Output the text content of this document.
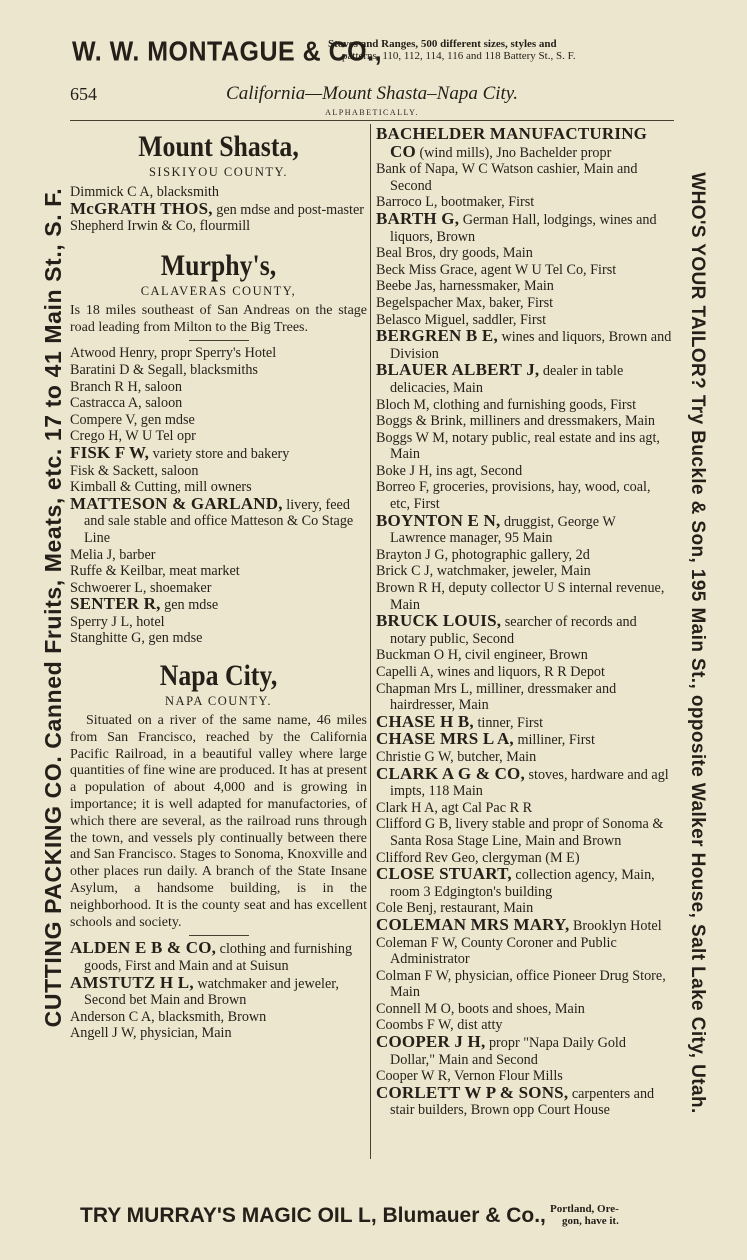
W. W. MONTAGUE & CO.,
Stoves and Ranges, 500 different sizes, styles and
patterns, 110, 112, 114, 116 and 118 Battery St., S. F.
CUTTING PACKING CO. Canned Fruits, Meats, etc. 17 to 41 Main St., S. F.	WHO'S YOUR TAILOR? Try Buckle & Son, 195 Main St., opposite Walker House, Salt Lake City, Utah.
654	California—Mount Shasta–Napa City.
ALPHABETICALLY.
Mount Shasta,
SISKIYOU COUNTY.
Dimmick C A, blacksmith
McGRATH THOS, gen mdse and post-master
Shepherd Irwin & Co, flourmill
Murphy's,
CALAVERAS COUNTY,
Is 18 miles southeast of San Andreas on the stage road leading from Milton to the Big Trees.
Atwood Henry, propr Sperry's Hotel
Baratini D & Segall, blacksmiths
Branch R H, saloon
Castracca A, saloon
Compere V, gen mdse
Crego H, W U Tel opr
FISK F W, variety store and bakery
Fisk & Sackett, saloon
Kimball & Cutting, mill owners
MATTESON & GARLAND, livery, feed and sale stable and office Matteson & Co Stage Line
Melia J, barber
Ruffe & Keilbar, meat market
Schwoerer L, shoemaker
SENTER R, gen mdse
Sperry J L, hotel
Stanghitte G, gen mdse
Napa City,
NAPA COUNTY.
Situated on a river of the same name, 46 miles from San Francisco, reached by the California Pacific Railroad, in a beautiful valley where large quantities of fine wine are produced. It has at present a population of about 4,000 and is growing in importance; it is well adapted for manufactories, of which there are several, as the railroad runs through the town, and vessels ply continually between there and San Francisco. Stages to Sonoma, Knoxville and other places run daily. A branch of the State Insane Asylum, a handsome building, is in the neighborhood. It is the county seat and has excellent schools and society.
ALDEN E B & CO, clothing and furnishing goods, First and Main and at Suisun
AMSTUTZ H L, watchmaker and jeweler, Second bet Main and Brown
Anderson C A, blacksmith, Brown
Angell J W, physician, Main
BACHELDER MANUFACTURING CO (wind mills), Jno Bachelder propr
Bank of Napa, W C Watson cashier, Main and Second
Barroco L, bootmaker, First
BARTH G, German Hall, lodgings, wines and liquors, Brown
Beal Bros, dry goods, Main
Beck Miss Grace, agent W U Tel Co, First
Beebe Jas, harnessmaker, Main
Begelspacher Max, baker, First
Belasco Miguel, saddler, First
BERGREN B E, wines and liquors, Brown and Division
BLAUER ALBERT J, dealer in table delicacies, Main
Bloch M, clothing and furnishing goods, First
Boggs & Brink, milliners and dressmakers, Main
Boggs W M, notary public, real estate and ins agt, Main
Boke J H, ins agt, Second
Borreo F, groceries, provisions, hay, wood, coal, etc, First
BOYNTON E N, druggist, George W Lawrence manager, 95 Main
Brayton J G, photographic gallery, 2d
Brick C J, watchmaker, jeweler, Main
Brown R H, deputy collector U S internal revenue, Main
BRUCK LOUIS, searcher of records and notary public, Second
Buckman O H, civil engineer, Brown
Capelli A, wines and liquors, R R Depot
Chapman Mrs L, milliner, dressmaker and hairdresser, Main
CHASE H B, tinner, First
CHASE MRS L A, milliner, First
Christie G W, butcher, Main
CLARK A G & CO, stoves, hardware and agl impts, 118 Main
Clark H A, agt Cal Pac R R
Clifford G B, livery stable and propr of Sonoma & Santa Rosa Stage Line, Main and Brown
Clifford Rev Geo, clergyman (M E)
CLOSE STUART, collection agency, Main, room 3 Edgington's building
Cole Benj, restaurant, Main
COLEMAN MRS MARY, Brooklyn Hotel
Coleman F W, County Coroner and Public Administrator
Colman F W, physician, office Pioneer Drug Store, Main
Connell M O, boots and shoes, Main
Coombs F W, dist atty
COOPER J H, propr "Napa Daily Gold Dollar," Main and Second
Cooper W R, Vernon Flour Mills
CORLETT W P & SONS, carpenters and stair builders, Brown opp Court House
TRY MURRAY'S MAGIC OIL L, Blumauer & Co., Portland, Ore-
gon, have it.
